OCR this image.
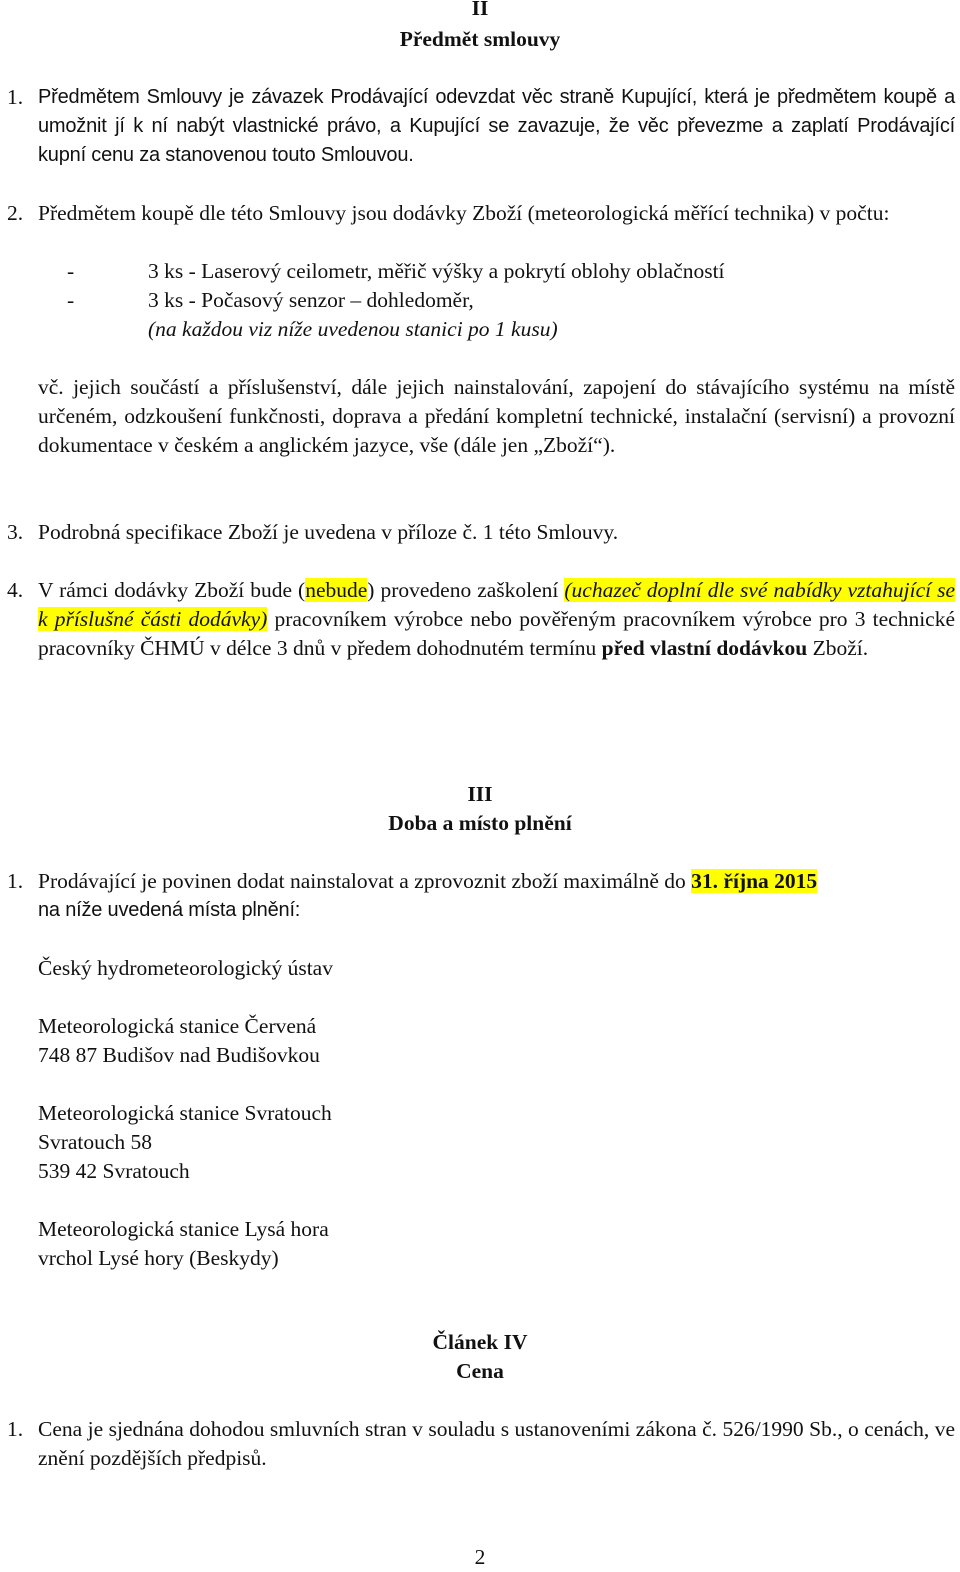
II
Předmět smlouvy
1. Předmětem Smlouvy je závazek Prodávající odevzdat věc straně Kupující, která je předmětem koupě a umožnit jí k ní nabýt vlastnické právo, a Kupující se zavazuje, že věc převezme a zaplatí Prodávající kupní cenu za stanovenou touto Smlouvou.
2. Předmětem koupě dle této Smlouvy jsou dodávky Zboží (meteorologická měřící technika) v počtu:
-	3 ks - Laserový ceilometr, měřič výšky a pokrytí oblohy oblačností
-	3 ks - Počasový senzor – dohledoměr,
(na každou viz níže uvedenou stanici po 1 kusu)
vč. jejich součástí a příslušenství, dále jejich nainstalování, zapojení do stávajícího systému na místě určeném, odzkoušení funkčnosti, doprava a předání kompletní technické, instalační (servisní) a provozní dokumentace v českém a anglickém jazyce, vše (dále jen „Zboží“).
3. Podrobná specifikace Zboží je uvedena v příloze č. 1 této Smlouvy.
4. V rámci dodávky Zboží bude (nebude) provedeno zaškolení (uchazeč doplní dle své nabídky vztahující se k příslušné části dodávky) pracovníkem výrobce nebo pověřeným pracovníkem výrobce pro 3 technické pracovníky ČHMÚ v délce 3 dnů v předem dohodnutém termínu před vlastní dodávkou Zboží.
III
Doba a místo plnění
1. Prodávající je povinen dodat nainstalovat a zprovoznit zboží maximálně do 31. října 2015
na níže uvedená místa plnění:
Český hydrometeorologický ústav
Meteorologická stanice Červená
748 87 Budišov nad Budišovkou
Meteorologická stanice Svratouch
Svratouch 58
539 42 Svratouch
Meteorologická stanice Lysá hora
vrchol Lysé hory (Beskydy)
Článek IV
Cena
1. Cena je sjednána dohodou smluvních stran v souladu s ustanoveními zákona č. 526/1990 Sb., o cenách, ve znění pozdějších předpisů.
2
